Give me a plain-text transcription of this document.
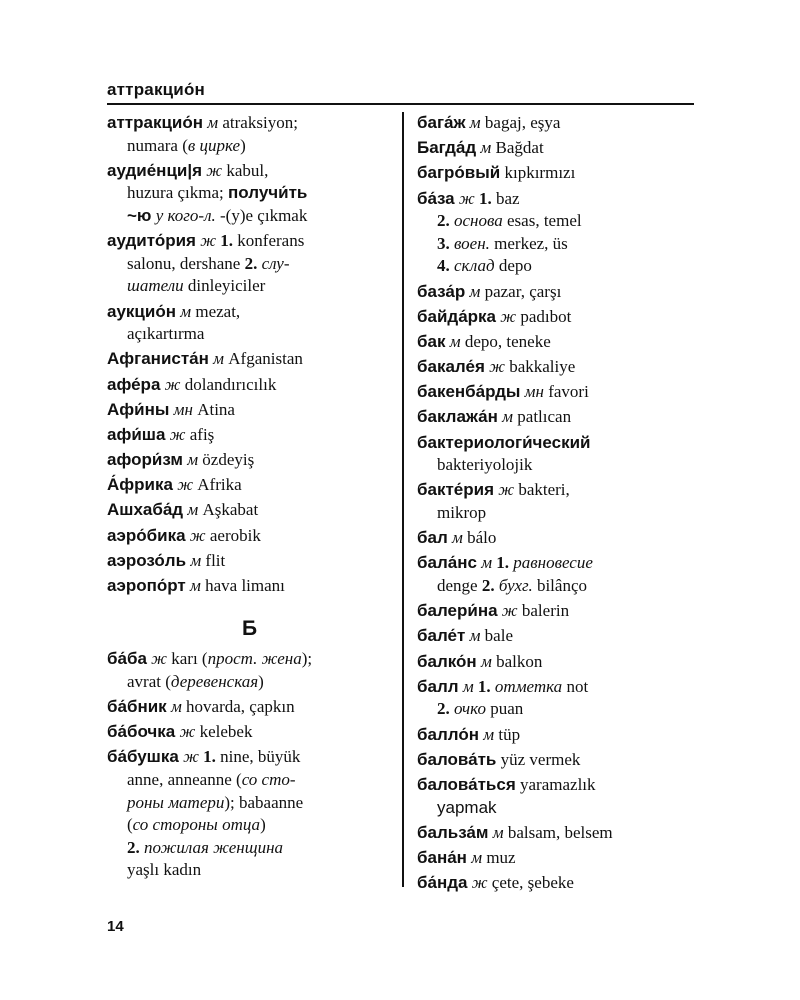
аттракцио́н
аттракцио́н м atraksiyon;
numara (в цирке)
аудие́нци|я ж kabul,
huzura çıkma; получи́ть
~ю у кого-л. -(y)e çıkmak
аудито́рия ж 1. konferans
salonu, dershane 2. слу-
шатели dinleyiciler
аукцио́н м mezat,
açıkartırma
Афганиста́н м Afganistan
афе́ра ж dolandırıcılık
Афи́ны мн Atina
афи́ша ж afiş
афори́зм м özdeyiş
А́фрика ж Afrika
Ашхаба́д м Aşkabat
аэро́бика ж aerobik
аэрозо́ль м flit
аэропо́рт м hava limanı
Б
ба́ба ж karı (прост. жена);
avrat (деревенская)
ба́бник м hovarda, çapkın
ба́бочка ж kelebek
ба́бушка ж 1. nine, büyük
anne, anneanne (со сто-
роны матери); babaanne
(со стороны отца)
2. пожилая женщина
yaşlı kadın
бага́ж м bagaj, eşya
Багда́д м Bağdat
багро́вый kıpkırmızı
ба́за ж 1. baz
2. основа esas, temel
3. воен. merkez, üs
4. склад depo
база́р м pazar, çarşı
байда́рка ж padıbot
бак м depo, teneke
бакале́я ж bakkaliye
бакенба́рды мн favori
баклажа́н м patlıcan
бактериологи́ческий
bakteriyolojik
бакте́рия ж bakteri,
mikrop
бал м bálo
бала́нс м 1. равновесие
denge 2. бухг. bilânço
балери́на ж balerin
бале́т м bale
балко́н м balkon
балл м 1. отметка not
2. очко puan
балло́н м tüp
балова́ть yüz vermek
балова́ться yaramazlık
yapmak
бальза́м м balsam, belsem
бана́н м muz
ба́нда ж çete, şebeke
14
